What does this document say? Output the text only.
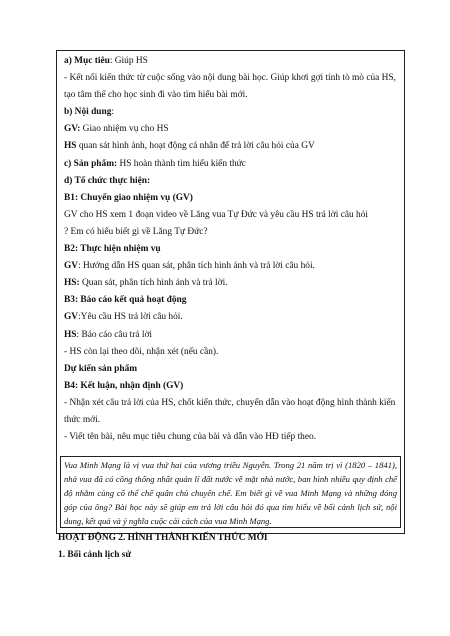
a) Mục tiêu: Giúp HS

- Kết nối kiến thức từ cuộc sống vào nội dung bài học. Giúp khơi gợi tính tò mò của HS,

tạo tâm thế cho học sinh đi vào tìm hiểu bài mới.

b) Nội dung:

GV: Giao nhiệm vụ cho HS

HS quan sát hình ảnh, hoạt động cá nhân để trả lời câu hỏi của GV

c) Sản phẩm: HS hoàn thành tìm hiểu kiến thức

d) Tổ chức thực hiện:

B1: Chuyển giao nhiệm vụ (GV)

GV cho HS xem 1 đoạn video về Lăng vua Tự Đức và yêu cầu HS trả lời câu hỏi

? Em có hiểu biết gì về Lăng Tự Đức?

B2: Thực hiện nhiệm vụ

GV: Hướng dẫn HS quan sát, phân tích hình ảnh và trả lời câu hỏi.

HS: Quan sát, phân tích hình ảnh và trả lời.

B3: Báo cáo kết quả hoạt động

GV:Yêu cầu HS trả lời câu hỏi.

HS: Báo cáo câu trả lời

- HS còn lại theo dõi, nhận xét (nếu cần).

Dự kiến sản phẩm

B4: Kết luận, nhận định (GV)

- Nhận xét câu trả lời của HS, chốt kiến thức, chuyển dẫn vào hoạt động hình thành kiến

thức mới.

- Viết tên bài, nêu mục tiêu chung của bài và dẫn vào HĐ tiếp theo.

Vua Minh Mạng là vị vua thứ hai của vương triều Nguyễn. Trong 21 năm trị vì (1820 – 1841), nhà vua đã có công thống nhất quản lí đất nước về mặt nhà nước, ban hình nhiều quy định chế độ nhằm củng cố thể chế quân chủ chuyên chế. Em biết gì về vua Minh Mạng và những đóng góp của ông? Bài học này sẽ giúp em trả lời câu hỏi đó qua tìm hiểu về bối cảnh lịch sử, nội dung, kết quả và ý nghĩa cuộc cải cách của vua Minh Mạng.

HOẠT ĐỘNG 2. HÌNH THÀNH KIẾN THỨC MỚI

1. Bối cảnh lịch sử
